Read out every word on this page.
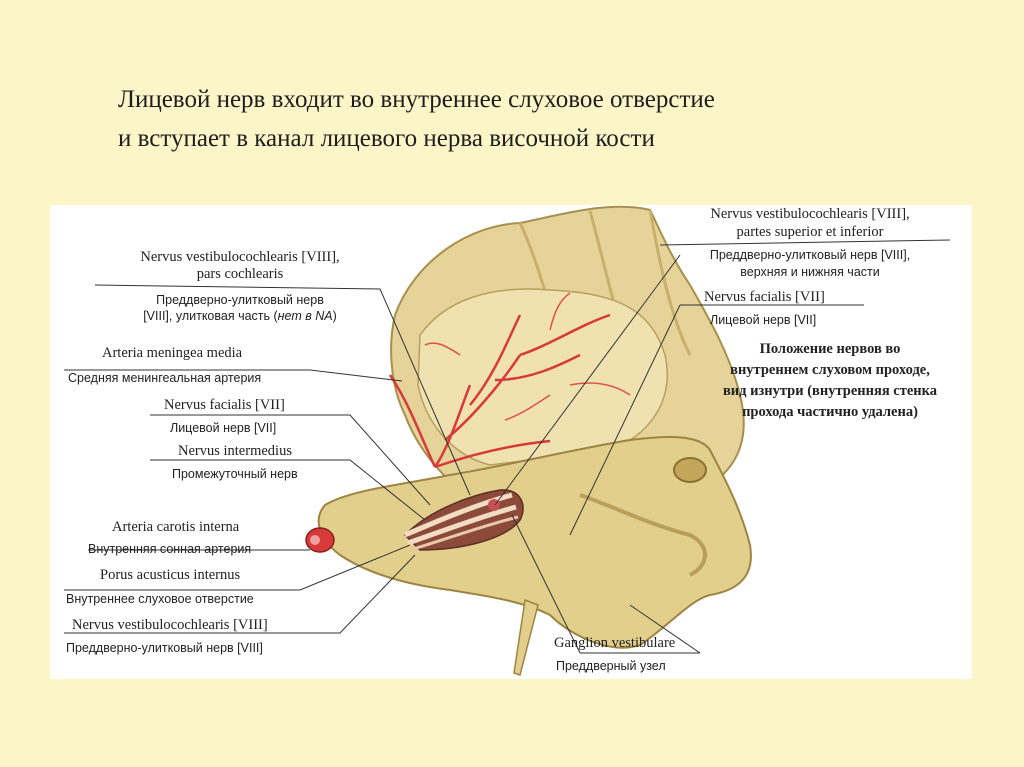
Лицевой нерв входит во внутреннее слуховое отверстие
и вступает в канал лицевого нерва височной кости
Nervus vestibulocochlearis [VIII],
pars cochlearis
Преддверно-улитковый нерв
[VIII], улитковая часть (нет в NA)
Arteria meningea media
Средняя менингеальная артерия
Nervus facialis [VII]
Лицевой нерв [VII]
Nervus intermedius
Промежуточный нерв
Arteria carotis interna
Внутренняя сонная артерия
Porus acusticus internus
Внутреннее слуховое отверстие
Nervus vestibulocochlearis [VIII]
Преддверно-улитковый нерв [VIII]
Nervus vestibulocochlearis [VIII],
partes superior et inferior
Преддверно-улитковый нерв [VIII],
верхняя и нижняя части
Nervus facialis [VII]
Лицевой нерв [VII]
Положение нервов во
внутреннем слуховом проходе,
вид изнутри (внутренняя стенка
прохода частично удалена)
Ganglion vestibulare
Преддверный узел
